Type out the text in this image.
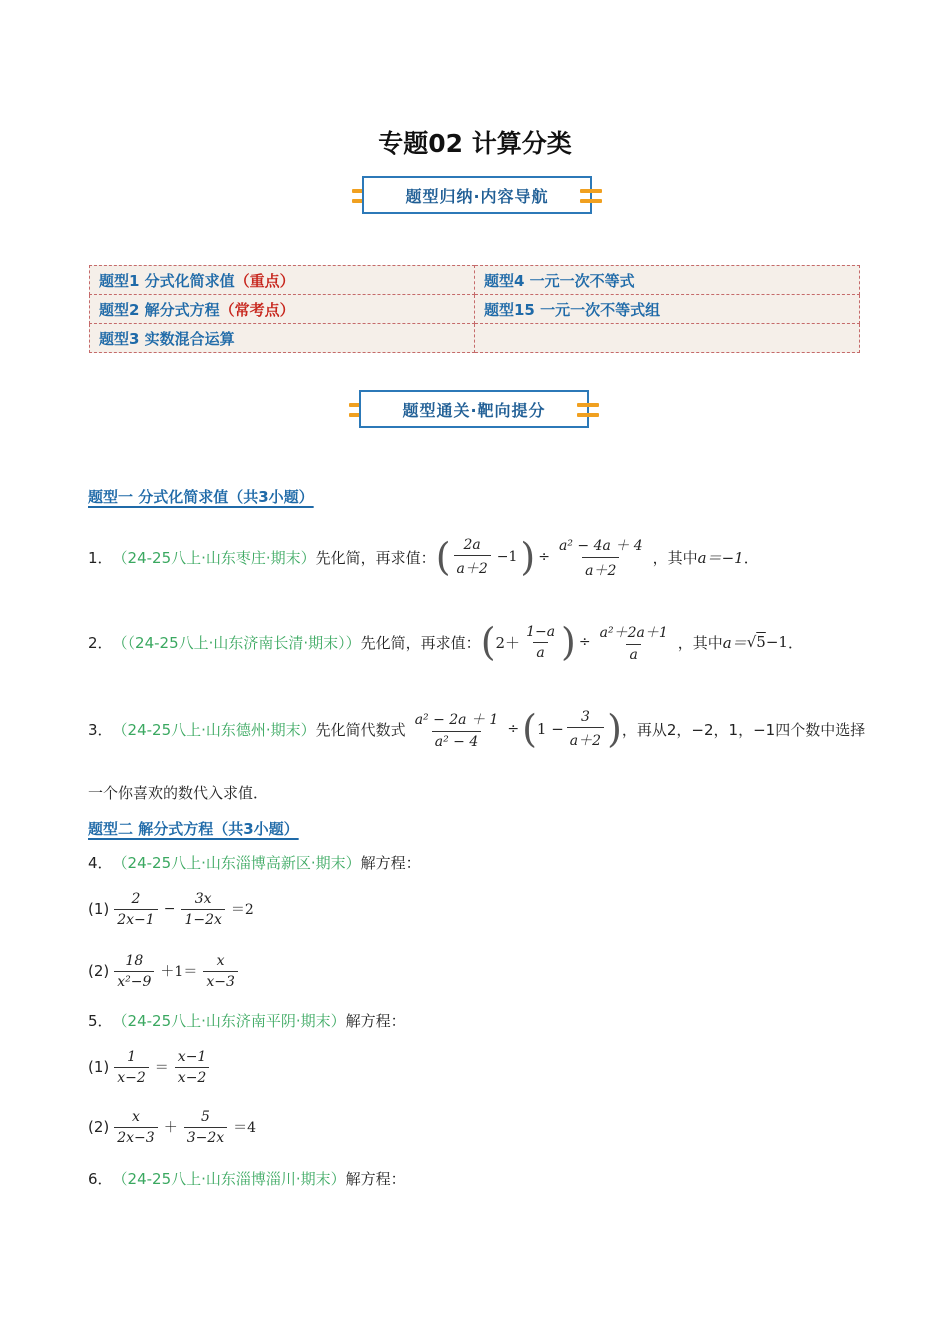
专题02 计算分类
题型归纳·内容导航
题型1 分式化简求值（重点）	题型4 一元一次不等式
题型2 解分式方程（常考点）	题型15 一元一次不等式组
题型3 实数混合运算	
题型通关·靶向提分
题型一 分式化简求值（共3小题）
1． （24-25八上·山东枣庄·期末） 先化简，再求值： ( $\frac{2a}{a+2} -1$ ) ÷ $\frac{\text{a² − 4a ＋ 4}}{a+2}$ ，其中 a＝−1 ．
2． （（24-25八上·山东济南长清·期末）） 先化简，再求值： ( $2+ \frac{1-a}{a}$ ) ÷ $\frac{\text{a²＋2a＋1}}{a}$ ，其中 a＝ √ 5 −1 ．
3． （24-25八上·山东德州·期末） 先化简代数式 $\frac{\text{a² − 2a ＋ 1}}{\text{a² − 4}}$ ÷ ( $1 - \frac{3}{a+2}$ ) ，再从2，−2，1，−1四个数中选择
一个你喜欢的数代入求值．
题型二 解分式方程（共3小题）
4． （24-25八上·山东淄博高新区·期末） 解方程：
$(1) \frac{2}{2x-1} - \frac{3x}{1-2x} =2$
$(2) \frac{18}{\text{x²−9}} +1= \frac{x}{x-3}$
5． （24-25八上·山东济南平阴·期末） 解方程：
$(1) \frac{1}{x-2} = \frac{x-1}{x-2}$
$(2) \frac{x}{2x-3} + \frac{5}{3-2x} =4$
6． （24-25八上·山东淄博淄川·期末） 解方程：
